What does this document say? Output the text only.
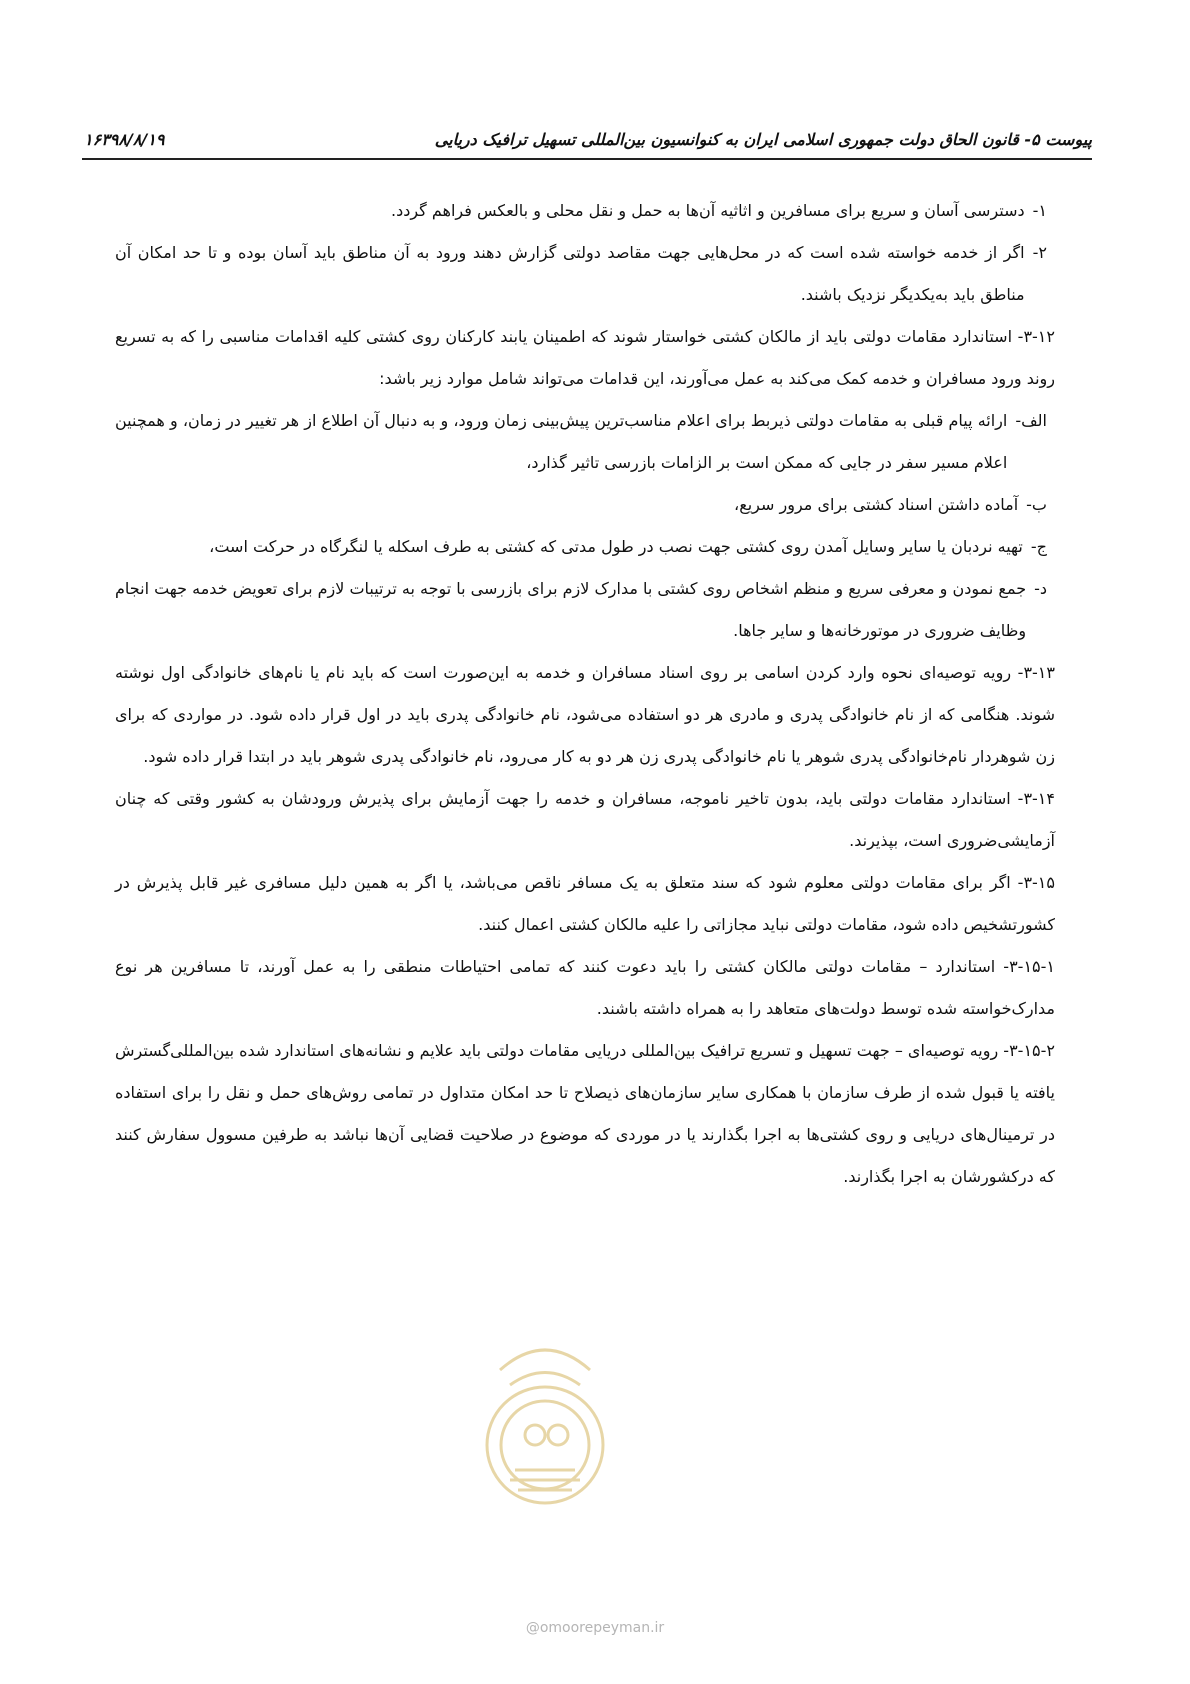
پیوست ۵- قانون الحاق دولت جمهوری اسلامی ایران به کنوانسیون بین‌المللی تسهیل ترافیک دریایی
۱۶۳۹۸/۸/۱۹
۱-
دسترسی آسان و سریع برای مسافرین و اثاثیه آن‌ها به حمل و نقل محلی و بالعکس فراهم گردد.
۲-
اگر از خدمه خواسته شده است که در محل‌هایی جهت مقاصد دولتی گزارش دهند ورود به آن مناطق باید آسان بوده و تا حد امکان آن مناطق باید به‌یکدیگر نزدیک باشند.

۳-۱۲- استاندارد مقامات دولتی باید از مالکان کشتی خواستار شوند که اطمینان یابند کارکنان روی کشتی کلیه اقدامات مناسبی را که به تسریع روند ورود مسافران و خدمه کمک می‌کند به عمل می‌آورند، این قدامات می‌تواند شامل موارد زیر باشد:

الف-
ارائه پیام قبلی به مقامات دولتی ذیربط برای اعلام مناسب‌ترین پیش‌بینی زمان ورود، و به دنبال آن اطلاع از هر تغییر در زمان، و همچنین اعلام مسیر سفر در جایی که ممکن است بر الزامات بازرسی تاثیر گذارد،
ب-
آماده داشتن اسناد کشتی برای مرور سریع،
ج-
تهیه نردبان یا سایر وسایل آمدن روی کشتی جهت نصب در طول مدتی که کشتی به طرف اسکله یا لنگرگاه در حرکت است،
د-
جمع نمودن و معرفی سریع و منظم اشخاص روی کشتی با مدارک لازم برای بازرسی با توجه به ترتیبات لازم برای تعویض خدمه جهت انجام وظایف ضروری در موتورخانه‌ها و سایر جاها.

۳-۱۳- رویه توصیه‌ای نحوه وارد کردن اسامی بر روی اسناد مسافران و خدمه به این‌صورت است که باید نام یا نام‌های خانوادگی اول نوشته شوند. هنگامی که از نام خانوادگی پدری و مادری هر دو استفاده می‌شود، نام خانوادگی پدری باید در اول قرار داده شود. در مواردی که برای زن شوهردار نام‌خانوادگی پدری شوهر یا نام خانوادگی پدری زن هر دو به کار می‌رود، نام خانوادگی پدری شوهر باید در ابتدا قرار داده شود.

۳-۱۴- استاندارد مقامات دولتی باید، بدون تاخیر ناموجه، مسافران و خدمه را جهت آزمایش برای پذیرش ورودشان به کشور وقتی که چنان آزمایشی‌ضروری است، بپذیرند.

۳-۱۵- اگر برای مقامات دولتی معلوم شود که سند متعلق به یک مسافر ناقص می‌باشد، یا اگر به همین دلیل مسافری غیر قابل پذیرش در کشورتشخیص داده شود، مقامات دولتی نباید مجازاتی را علیه مالکان کشتی اعمال کنند.

۳-۱۵-۱- استاندارد – مقامات دولتی مالکان کشتی را باید دعوت کنند که تمامی احتیاطات منطقی را به عمل آورند، تا مسافرین هر نوع مدارک‌خواسته شده توسط دولت‌های متعاهد را به همراه داشته باشند.

۳-۱۵-۲- رویه توصیه‌ای – جهت تسهیل و تسریع ترافیک بین‌المللی دریایی مقامات دولتی باید علایم و نشانه‌های استاندارد شده بین‌المللی‌گسترش یافته یا قبول شده از طرف سازمان با همکاری سایر سازمان‌های ذیصلاح تا حد امکان متداول در تمامی روش‌های حمل و نقل را برای استفاده در ترمینال‌های دریایی و روی کشتی‌ها به اجرا بگذارند یا در موردی که موضوع در صلاحیت قضایی آن‌ها نباشد به طرفین مسوول سفارش کنند که درکشورشان به اجرا بگذارند.

@omoorepeyman.ir
